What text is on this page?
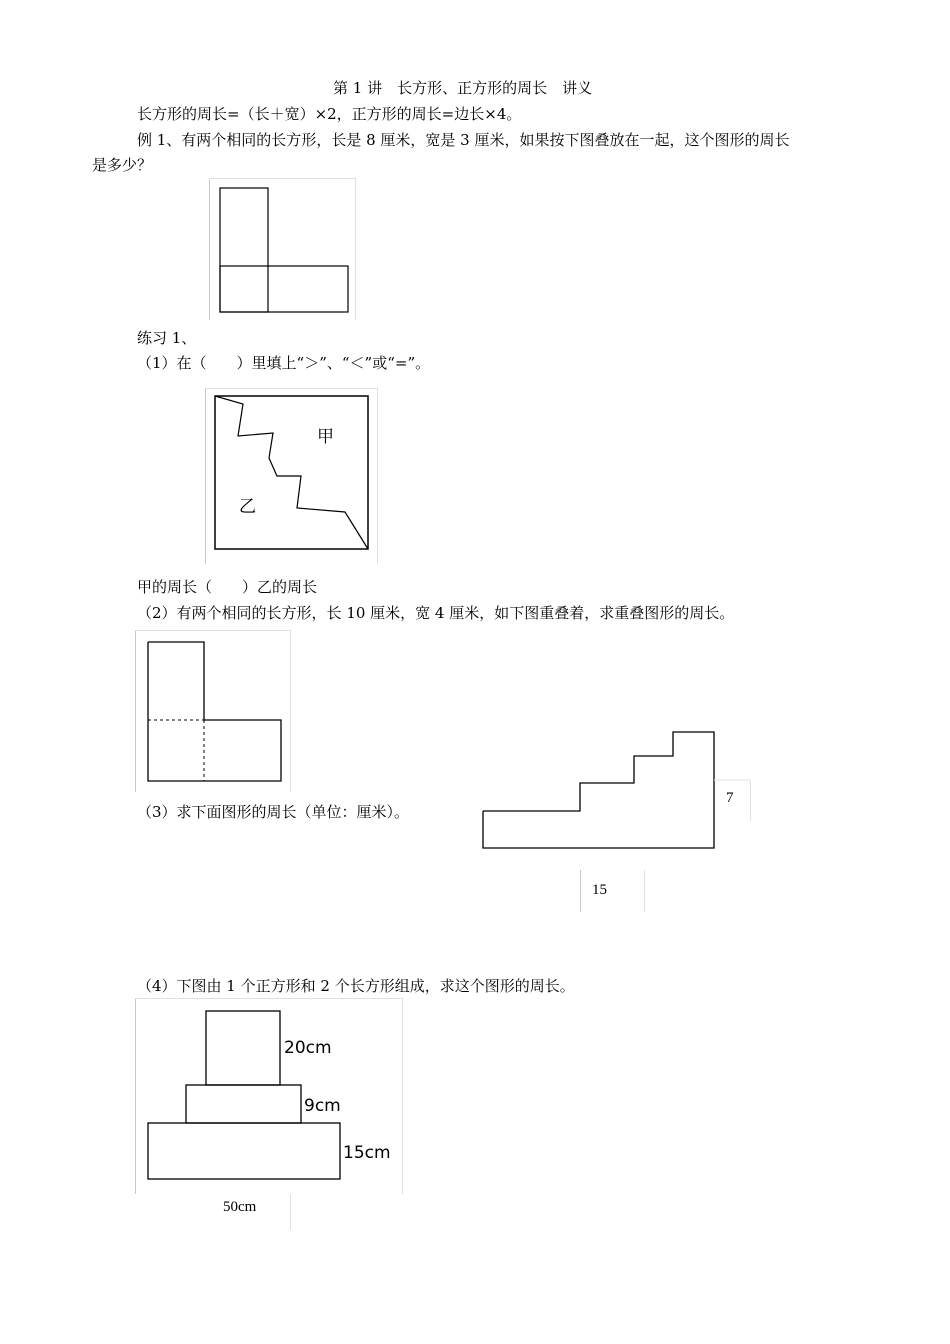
第 1 讲　长方形、正方形的周长　讲义
长方形的周长=（长＋宽）×2，正方形的周长=边长×4。
例 1、有两个相同的长方形，长是 8 厘米，宽是 3 厘米，如果按下图叠放在一起，这个图形的周长
是多少？
练习 1、
（1）在（　　）里填上“＞”、“＜”或“=”。
甲
乙
甲的周长（　　）乙的周长
（2）有两个相同的长方形，长 10 厘米，宽 4 厘米，如下图重叠着，求重叠图形的周长。
（3）求下面图形的周长（单位：厘米）。
7
15
（4）下图由 1 个正方形和 2 个长方形组成，求这个图形的周长。
20cm
9cm
15cm
50cm
